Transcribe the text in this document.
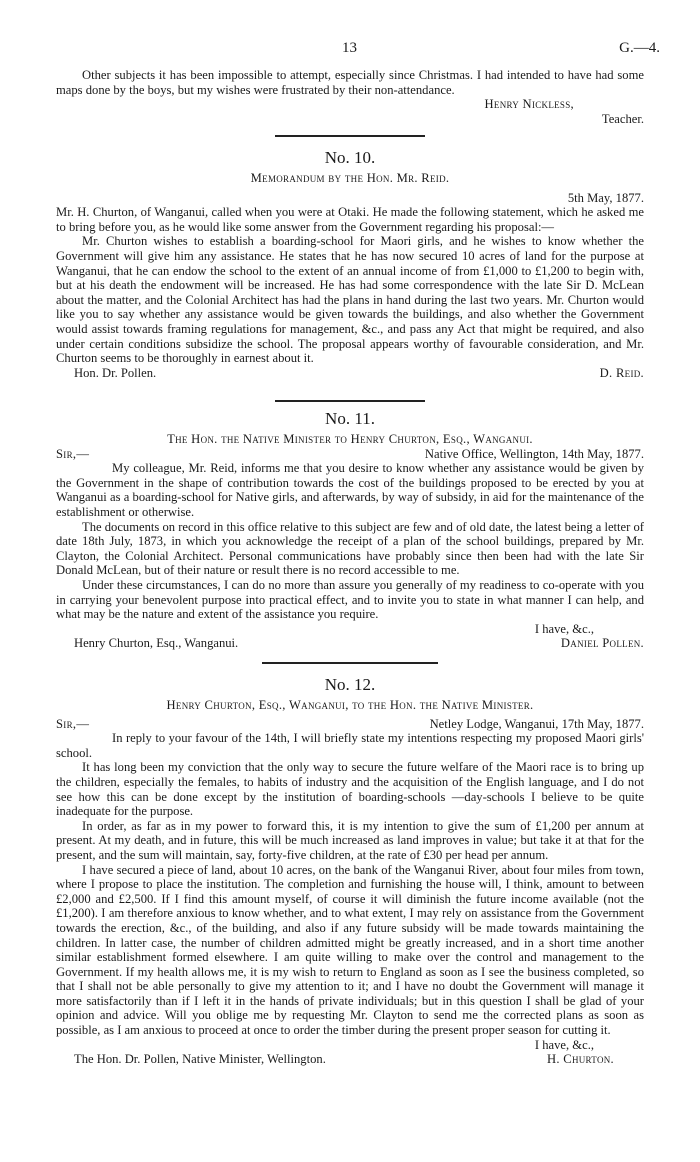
13	G.—4.

Other subjects it has been impossible to attempt, especially since Christmas. I had intended to have had some maps done by the boys, but my wishes were frustrated by their non-attendance.

Henry Nickless,
Teacher.
No. 10.

Memorandum by the Hon. Mr. Reid.

5th May, 1877.

Mr. H. Churton, of Wanganui, called when you were at Otaki. He made the following statement, which he asked me to bring before you, as he would like some answer from the Government regarding his proposal:—

Mr. Churton wishes to establish a boarding-school for Maori girls, and he wishes to know whether the Government will give him any assistance. He states that he has now secured 10 acres of land for the purpose at Wanganui, that he can endow the school to the extent of an annual income of from £1,000 to £1,200 to begin with, but at his death the endowment will be increased. He has had some correspondence with the late Sir D. McLean about the matter, and the Colonial Architect has had the plans in hand during the last two years. Mr. Churton would like you to say whether any assistance would be given towards the buildings, and also whether the Government would assist towards framing regulations for management, &c., and pass any Act that might be required, and also under certain conditions subsidize the school. The proposal appears worthy of favourable consideration, and Mr. Churton seems to be thoroughly in earnest about it.

Hon. Dr. Pollen.	D. Reid.
No. 11.

The Hon. the Native Minister to Henry Churton, Esq., Wanganui.

Sir,—	Native Office, Wellington, 14th May, 1877.

My colleague, Mr. Reid, informs me that you desire to know whether any assistance would be given by the Government in the shape of contribution towards the cost of the buildings proposed to be erected by you at Wanganui as a boarding-school for Native girls, and afterwards, by way of subsidy, in aid for the maintenance of the establishment or otherwise.

The documents on record in this office relative to this subject are few and of old date, the latest being a letter of date 18th July, 1873, in which you acknowledge the receipt of a plan of the school buildings, prepared by Mr. Clayton, the Colonial Architect. Personal communications have probably since then been had with the late Sir Donald McLean, but of their nature or result there is no record accessible to me.

Under these circumstances, I can do no more than assure you generally of my readiness to co-operate with you in carrying your benevolent purpose into practical effect, and to invite you to state in what manner I can help, and what may be the nature and extent of the assistance you require.

I have, &c.,
Henry Churton, Esq., Wanganui.	Daniel Pollen.
No. 12.

Henry Churton, Esq., Wanganui, to the Hon. the Native Minister.

Sir,—	Netley Lodge, Wanganui, 17th May, 1877.

In reply to your favour of the 14th, I will briefly state my intentions respecting my proposed Maori girls' school.

It has long been my conviction that the only way to secure the future welfare of the Maori race is to bring up the children, especially the females, to habits of industry and the acquisition of the English language, and I do not see how this can be done except by the institution of boarding-schools —day-schools I believe to be quite inadequate for the purpose.

In order, as far as in my power to forward this, it is my intention to give the sum of £1,200 per annum at present. At my death, and in future, this will be much increased as land improves in value; but take it at that for the present, and the sum will maintain, say, forty-five children, at the rate of £30 per head per annum.

I have secured a piece of land, about 10 acres, on the bank of the Wanganui River, about four miles from town, where I propose to place the institution. The completion and furnishing the house will, I think, amount to between £2,000 and £2,500. If I find this amount myself, of course it will diminish the future income available (not the £1,200). I am therefore anxious to know whether, and to what extent, I may rely on assistance from the Government towards the erection, &c., of the building, and also if any future subsidy will be made towards maintaining the children. In latter case, the number of children admitted might be greatly increased, and in a short time another similar establishment formed elsewhere. I am quite willing to make over the control and management to the Government. If my health allows me, it is my wish to return to England as soon as I see the business completed, so that I shall not be able personally to give my attention to it; and I have no doubt the Government will manage it more satisfactorily than if I left it in the hands of private individuals; but in this question I shall be glad of your opinion and advice. Will you oblige me by requesting Mr. Clayton to send me the corrected plans as soon as possible, as I am anxious to proceed at once to order the timber during the present proper season for cutting it.

I have, &c.,
The Hon. Dr. Pollen, Native Minister, Wellington.	H. Churton.
